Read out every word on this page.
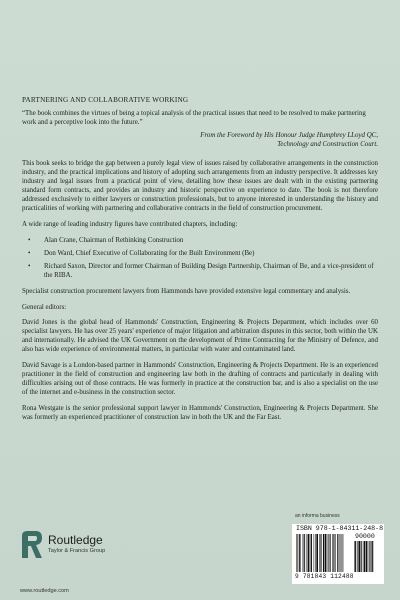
PARTNERING AND COLLABORATIVE WORKING

“The book combines the virtues of being a topical analysis of the practical issues that need to be resolved to make partnering work and a perceptive look into the future.”

From the Foreword by His Honour Judge Humphrey LLoyd QC,
Technology and Construction Court.

This book seeks to bridge the gap between a purely legal view of issues raised by collaborative arrangements in the construction industry, and the practical implications and history of adopting such arrangements from an industry perspective. It addresses key industry and legal issues from a practical point of view, detailing how these issues are dealt with in the existing partnering standard form contracts, and provides an industry and historic perspective on experience to date. The book is not therefore addressed exclusively to either lawyers or construction professionals, but to anyone interested in understanding the history and practicalities of working with partnering and collaborative contracts in the field of construction procurement.

A wide range of leading industry figures have contributed chapters, including:

• Alan Crane, Chairman of Rethinking Construction
• Don Ward, Chief Executive of Collaborating for the Built Environment (Be)
• Richard Saxon, Director and former Chairman of Building Design Partnership, Chairman of Be, and a vice-president of the RIBA.

Specialist construction procurement lawyers from Hammonds have provided extensive legal commentary and analysis.

General editors:

David Jones is the global head of Hammonds' Construction, Engineering & Projects Department, which includes over 60 specialist lawyers. He has over 25 years' experience of major litigation and arbitration disputes in this sector, both within the UK and internationally. He advised the UK Government on the development of Prime Contracting for the Ministry of Defence, and also has wide experience of environmental matters, in particular with water and contaminated land.

David Savage is a London-based partner in Hammonds' Construction, Engineering & Projects Department. He is an experienced practitioner in the field of construction and engineering law both in the drafting of contracts and particularly in dealing with difficulties arising out of those contracts. He was formerly in practice at the construction bar, and is also a specialist on the use of the internet and e-business in the construction sector.

Rona Westgate is the senior professional support lawyer in Hammonds' Construction, Engineering & Projects Department. She was formerly an experienced practitioner of construction law in both the UK and the Far East.

Routledge
Taylor & Francis Group
www.routledge.com
an informa business
ISBN 978-1-84311-248-8
90000
9 781843 112488
